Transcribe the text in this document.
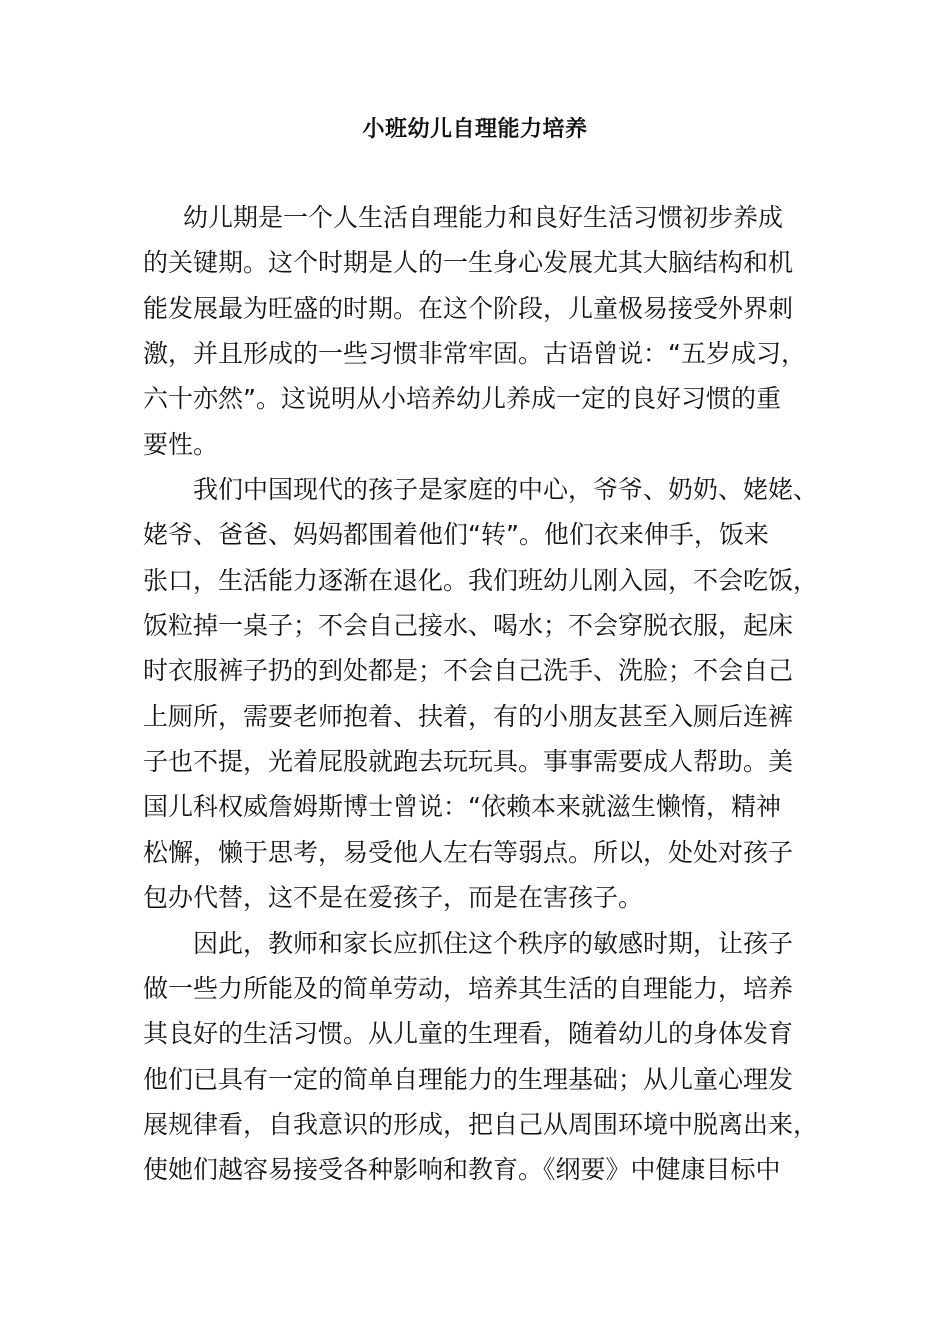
小班幼儿自理能力培养
幼儿期是一个人生活自理能力和良好生活习惯初步养成
的关键期。这个时期是人的一生身心发展尤其大脑结构和机
能发展最为旺盛的时期。在这个阶段，儿童极易接受外界刺
激，并且形成的一些习惯非常牢固。古语曾说：“五岁成习，
六十亦然”。这说明从小培养幼儿养成一定的良好习惯的重
要性。
我们中国现代的孩子是家庭的中心，爷爷、奶奶、姥姥、
姥爷、爸爸、妈妈都围着他们“转”。他们衣来伸手，饭来
张口，生活能力逐渐在退化。我们班幼儿刚入园，不会吃饭，
饭粒掉一桌子；不会自己接水、喝水；不会穿脱衣服，起床
时衣服裤子扔的到处都是；不会自己洗手、洗脸；不会自己
上厕所，需要老师抱着、扶着，有的小朋友甚至入厕后连裤
子也不提，光着屁股就跑去玩玩具。事事需要成人帮助。美
国儿科权威詹姆斯博士曾说：“依赖本来就滋生懒惰，精神
松懈，懒于思考，易受他人左右等弱点。所以，处处对孩子
包办代替，这不是在爱孩子，而是在害孩子。
因此，教师和家长应抓住这个秩序的敏感时期，让孩子
做一些力所能及的简单劳动，培养其生活的自理能力，培养
其良好的生活习惯。从儿童的生理看，随着幼儿的身体发育
他们已具有一定的简单自理能力的生理基础；从儿童心理发
展规律看，自我意识的形成，把自己从周围环境中脱离出来，
使她们越容易接受各种影响和教育。《纲要》中健康目标中
